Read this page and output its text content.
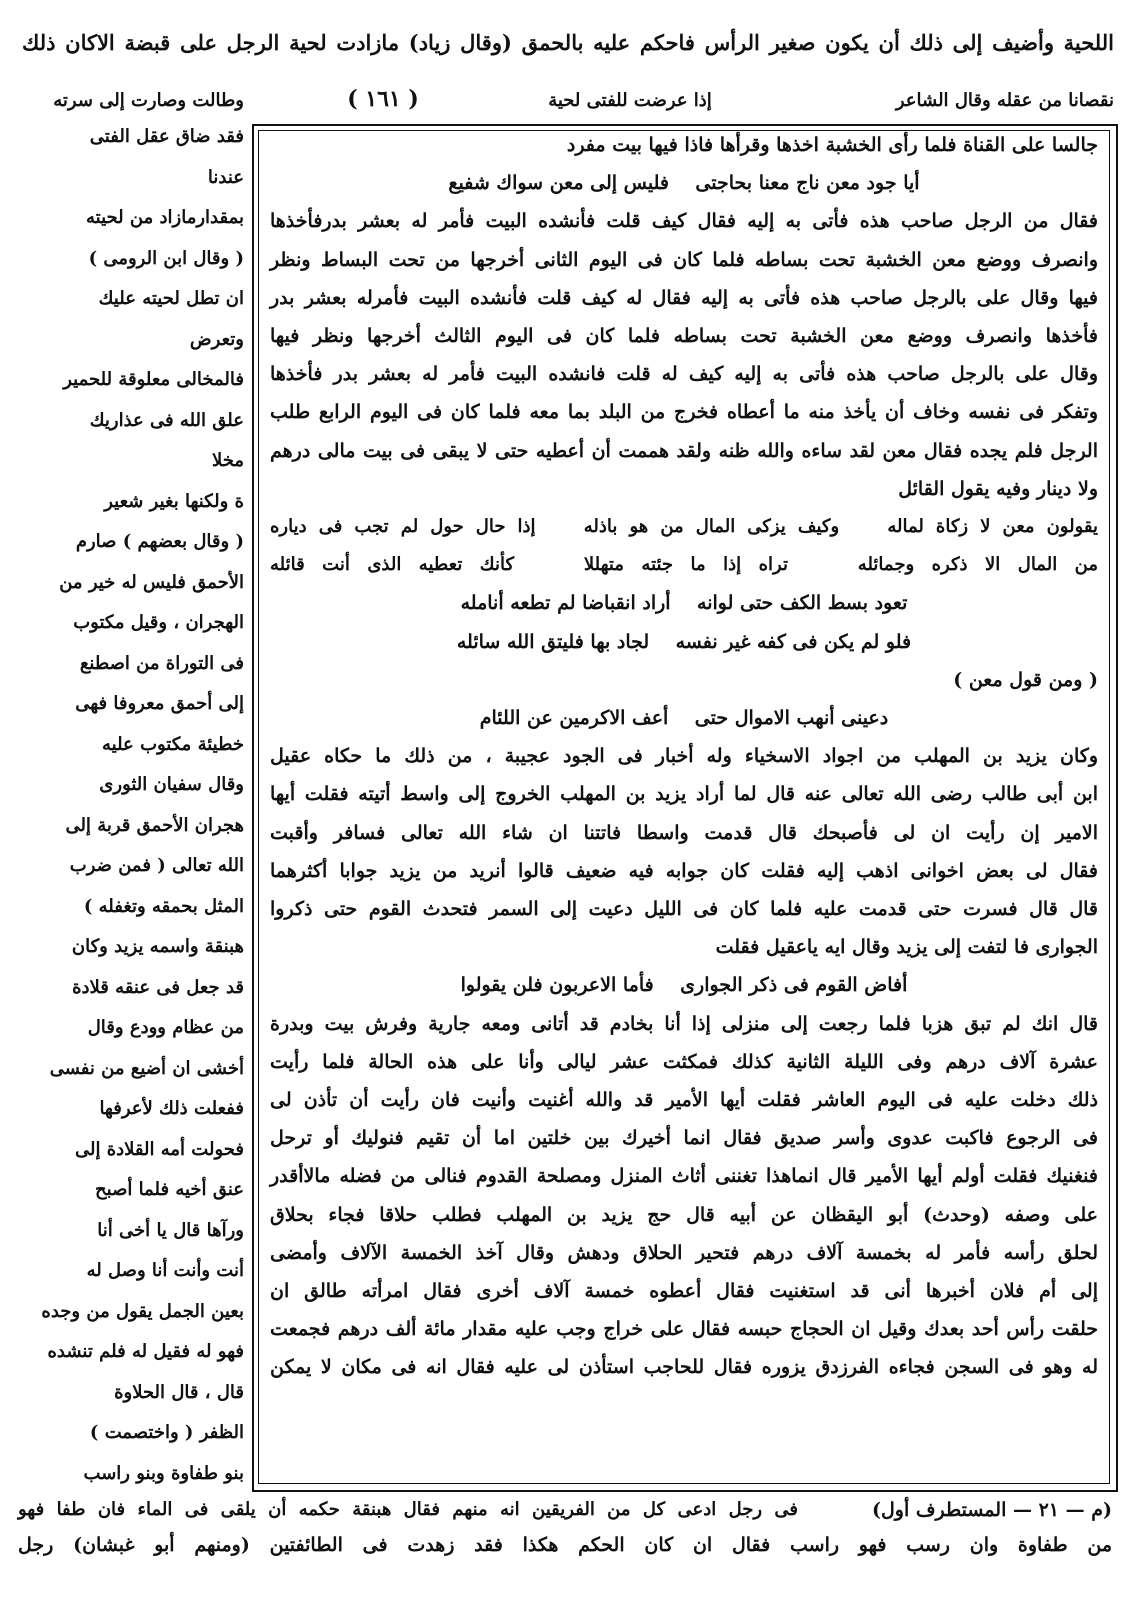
اللحية وأضيف إلى ذلك أن يكون صغير الرأس فاحكم عليه بالحمق (وقال زياد) مازادت لحية الرجل على قبضة الاكان ذلك
نقصانا من عقله وقال الشاعر
إذا عرضت للفتى لحية
( ١٦١ )
وطالت وصارت إلى سرته
جالسا على القناة فلما رأى الخشبة اخذها وقرأها فاذا فيها بيت مفرد
أيا جود معن ناج معنا بحاجتى    فليس إلى معن سواك شفيع
فقال من الرجل صاحب هذه فأتى به إليه فقال كيف قلت فأنشده البيت فأمر له بعشر بدرفأخذها
وانصرف ووضع معن الخشبة تحت بساطه فلما كان فى اليوم الثانى أخرجها من تحت البساط ونظر
فيها وقال على بالرجل صاحب هذه فأتى به إليه فقال له كيف قلت فأنشده البيت فأمرله بعشر بدر
فأخذها وانصرف ووضع معن الخشبة تحت بساطه فلما كان فى اليوم الثالث أخرجها ونظر فيها
وقال على بالرجل صاحب هذه فأتى به إليه كيف له قلت فانشده البيت فأمر له بعشر بدر فأخذها
وتفكر فى نفسه وخاف أن يأخذ منه ما أعطاه فخرج من البلد بما معه فلما كان فى اليوم الرابع طلب
الرجل فلم يجده فقال معن لقد ساءه والله ظنه ولقد هممت أن أعطيه حتى لا يبقى فى بيت مالى درهم
ولا دينار وفيه يقول القائل
يقولون معن لا زكاة لماله    وكيف يزكى المال من هو باذله    إذا حال حول لم تجب فى دياره
من المال الا ذكره وجمائله    تراه إذا ما جئته متهللا    كأنك تعطيه الذى أنت قائله
تعود بسط الكف حتى لوانه    أراد انقباضا لم تطعه أنامله
فلو لم يكن فى كفه غير نفسه    لجاد بها فليتق الله سائله
( ومن قول معن )
دعينى أنهب الاموال حتى    أعف الاكرمين عن اللئام
وكان يزيد بن المهلب من اجواد الاسخياء وله أخبار فى الجود عجيبة ، من ذلك ما حكاه عقيل
ابن أبى طالب رضى الله تعالى عنه قال لما أراد يزيد بن المهلب الخروج إلى واسط أتيته فقلت أيها
الامير إن رأيت ان لى فأصبحك قال قدمت واسطا فاتتنا ان شاء الله تعالى فسافر وأقبت
فقال لى بعض اخوانى اذهب إليه فقلت كان جوابه فيه ضعيف قالوا أنريد من يزيد جوابا أكثرهما
قال قال فسرت حتى قدمت عليه فلما كان فى الليل دعيت إلى السمر فتحدث القوم حتى ذكروا
الجوارى فا لتفت إلى يزيد وقال ايه ياعقيل فقلت
أفاض القوم فى ذكر الجوارى    فأما الاعربون فلن يقولوا
قال انك لم تبق هزبا فلما رجعت إلى منزلى إذا أنا بخادم قد أتانى ومعه جارية وفرش بيت وبدرة
عشرة آلاف درهم وفى الليلة الثانية كذلك فمكثت عشر ليالى وأنا على هذه الحالة فلما رأيت
ذلك دخلت عليه فى اليوم العاشر فقلت أيها الأمير قد والله أغنيت وأنيت فان رأيت أن تأذن لى
فى الرجوع فاكبت عدوى وأسر صديق فقال انما أخيرك بين خلتين اما أن تقيم فنوليك أو ترحل
فنغنيك فقلت أولم أيها الأمير قال انماهذا تغننى أثاث المنزل ومصلحة القدوم فنالى من فضله مالاأقدر
على وصفه (وحدث) أبو اليقظان عن أبيه قال حج يزيد بن المهلب فطلب حلاقا فجاء بحلاق
لحلق رأسه فأمر له بخمسة آلاف درهم فتحير الحلاق ودهش وقال آخذ الخمسة الآلاف وأمضى
إلى أم فلان أخبرها أنى قد استغنيت فقال أعطوه خمسة آلاف أخرى فقال امرأته طالق ان
حلقت رأس أحد بعدك وقيل ان الحجاج حبسه فقال على خراج وجب عليه مقدار مائة ألف درهم فجمعت
له وهو فى السجن فجاءه الفرزدق يزوره فقال للحاجب استأذن لى عليه فقال انه فى مكان لا يمكن
فقد ضاق عقل الفتى
عندنا
بمقدارمازاد من لحيته
( وقال ابن الرومى )
ان تطل لحيته عليك
وتعرض
فالمخالى معلوقة للحمير
علق الله فى عذاريك
مخلا
ة ولكنها بغير شعير
( وقال بعضهم ) صارم
الأحمق فليس له خير من
الهجران ، وقيل مكتوب
فى التوراة من اصطنع
إلى أحمق معروفا فهى
خطيئة مكتوب عليه
وقال سفيان الثورى
هجران الأحمق قربة إلى
الله تعالى ( فمن ضرب
المثل بحمقه وتغفله )
هبنقة واسمه يزيد وكان
قد جعل فى عنقه قلادة
من عظام وودع وقال
أخشى ان أضيع من نفسى
ففعلت ذلك لأعرفها
فحولت أمه القلادة إلى
عنق أخيه فلما أصبح
ورآها قال يا أخى أنا
أنت وأنت أنا وصل له
بعين الجمل يقول من وجده
فهو له فقيل له فلم تنشده
قال ، قال الحلاوة
الظفر ( واختصمت )
بنو طفاوة وبنو راسب
(م — ٢١ — المستطرف أول)
فى رجل ادعى كل من الفريقين انه منهم فقال هبنقة حكمه أن يلقى فى الماء فان طفا فهو
من طفاوة وان رسب فهو راسب فقال ان كان الحكم هكذا فقد زهدت فى الطائفتين (ومنهم أبو غبشان) رجل
